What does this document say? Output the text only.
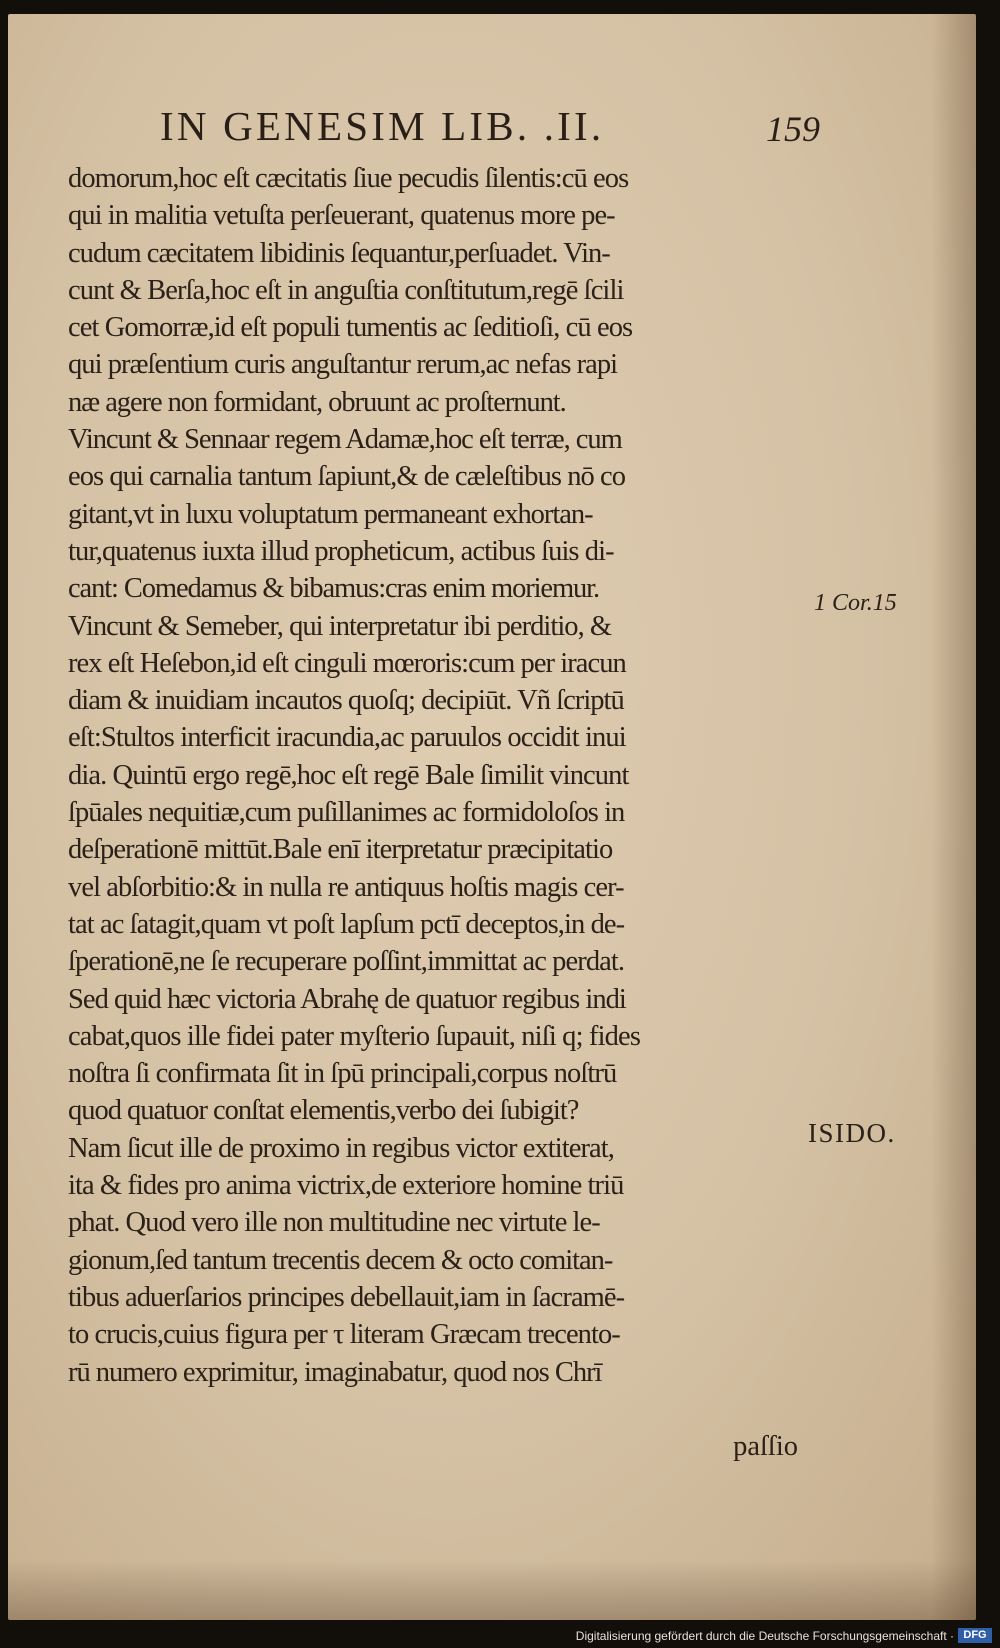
IN GENESIM LIB. .II.	159
domorum,hoc eſt cæcitatis ſiue pecudis ſilentis:cū eos
qui in malitia vetuſta perſeuerant, quatenus more pe-
cudum cæcitatem libidinis ſequantur,perſuadet. Vin-
cunt & Berſa,hoc eſt in anguſtia conſtitutum,regē ſcili
cet Gomorræ,id eſt populi tumentis ac ſeditioſi, cū eos
qui præſentium curis anguſtantur rerum,ac nefas rapi
næ agere non formidant, obruunt ac proſternunt.
Vincunt & Sennaar regem Adamæ,hoc eſt terræ, cum
eos qui carnalia tantum ſapiunt,& de cæleſtibus nō co
gitant,vt in luxu voluptatum permaneant exhortan-
tur,quatenus iuxta illud propheticum, actibus ſuis di-
cant: Comedamus & bibamus:cras enim moriemur.
Vincunt & Semeber, qui interpretatur ibi perditio, &
rex eſt Heſebon,id eſt cinguli mœroris:cum per iracun
diam & inuidiam incautos quoſq; decipiūt. Vñ ſcriptū
eſt:Stultos interficit iracundia,ac paruulos occidit inui
dia. Quintū ergo regē,hoc eſt regē Bale ſimilit vincunt
ſpūales nequitiæ,cum puſillanimes ac formidoloſos in
deſperationē mittūt.Bale enī iterpretatur præcipitatio
vel abſorbitio:& in nulla re antiquus hoſtis magis cer-
tat ac ſatagit,quam vt poſt lapſum pctī deceptos,in de-
ſperationē,ne ſe recuperare poſſint,immittat ac perdat.
Sed quid hæc victoria Abrahę de quatuor regibus indi
cabat,quos ille fidei pater myſterio ſupauit, niſi q; fides
noſtra ſi confirmata ſit in ſpū principali,corpus noſtrū
quod quatuor conſtat elementis,verbo dei ſubigit?
Nam ſicut ille de proximo in regibus victor extiterat,
ita & fides pro anima victrix,de exteriore homine triū
phat. Quod vero ille non multitudine nec virtute le-
gionum,ſed tantum trecentis decem & octo comitan-
tibus aduerſarios principes debellauit,iam in ſacramē-
to crucis,cuius figura per τ literam Græcam trecento-
rū numero exprimitur, imaginabatur, quod nos Chrī
paſſio
1 Cor.15
ISIDO.
Digitalisierung gefördert durch die Deutsche Forschungsgemeinschaft · DFG
